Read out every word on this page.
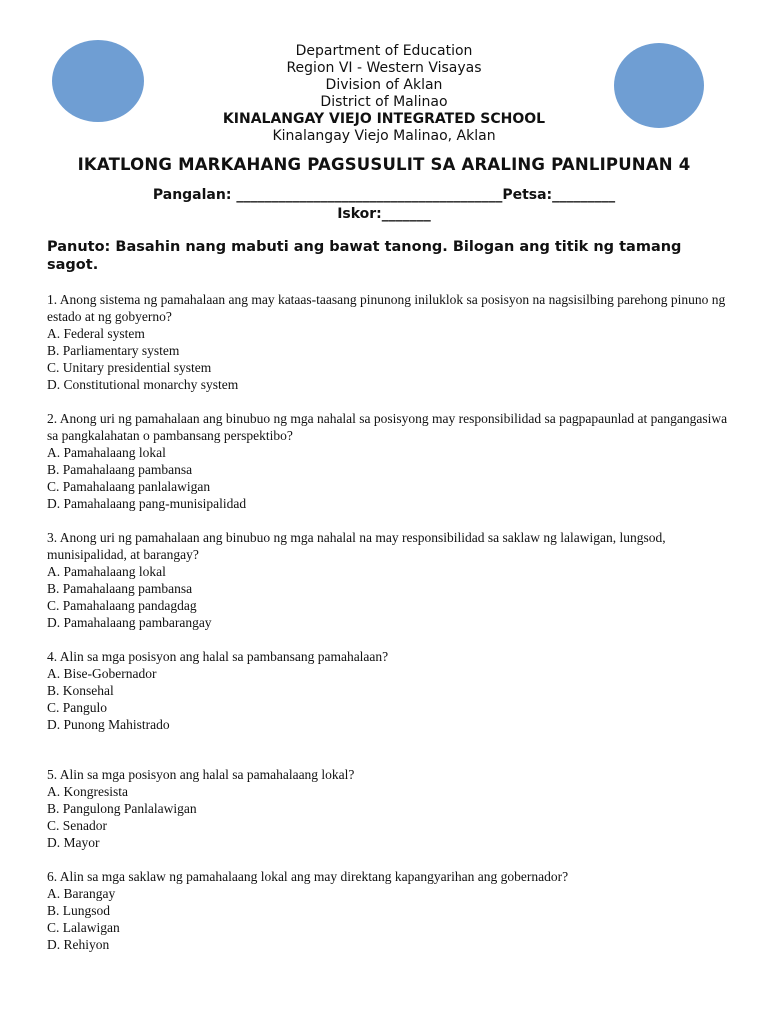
Department of Education
Region VI - Western Visayas
Division of Aklan
District of Malinao
KINALANGAY VIEJO INTEGRATED SCHOOL
Kinalangay Viejo Malinao, Aklan
IKATLONG MARKAHANG PAGSUSULIT SA ARALING PANLIPUNAN 4
Pangalan: ______________________________________Petsa:_________
Iskor:_______
Panuto: Basahin nang mabuti ang bawat tanong. Bilogan ang titik ng tamang sagot.

1. Anong sistema ng pamahalaan ang may kataas-taasang pinunong iniluklok sa posisyon na nagsisilbing parehong pinuno ng estado at ng gobyerno?

A. Federal system

B. Parliamentary system

C. Unitary presidential system

D. Constitutional monarchy system

2. Anong uri ng pamahalaan ang binubuo ng mga nahalal sa posisyong may responsibilidad sa pagpapaunlad at pangangasiwa sa pangkalahatan o pambansang perspektibo?

A. Pamahalaang lokal

B. Pamahalaang pambansa

C. Pamahalaang panlalawigan

D. Pamahalaang pang-munisipalidad

3. Anong uri ng pamahalaan ang binubuo ng mga nahalal na may responsibilidad sa saklaw ng lalawigan, lungsod, munisipalidad, at barangay?

A. Pamahalaang lokal

B. Pamahalaang pambansa

C. Pamahalaang pandagdag

D. Pamahalaang pambarangay

4. Alin sa mga posisyon ang halal sa pambansang pamahalaan?

A. Bise-Gobernador

B. Konsehal

C. Pangulo

D. Punong Mahistrado

5. Alin sa mga posisyon ang halal sa pamahalaang lokal?

A. Kongresista

B. Pangulong Panlalawigan

C. Senador

D. Mayor

6. Alin sa mga saklaw ng pamahalaang lokal ang may direktang kapangyarihan ang gobernador?

A. Barangay

B. Lungsod

C. Lalawigan

D. Rehiyon
